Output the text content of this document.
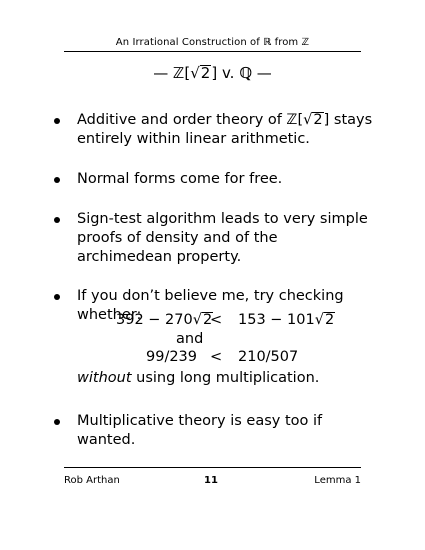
An Irrational Construction of ℝ from ℤ
— ℤ[√2] v. ℚ —
Additive and order theory of ℤ[√2] stays
entirely within linear arithmetic.
Normal forms come for free.
Sign-test algorithm leads to very simple proofs of density and of the archimedean property.
If you don’t believe me, try checking whether:
392 − 270√2
< 153 − 101√2
and
99/239 < 210/507
without using long multiplication.
Multiplicative theory is easy too if wanted.
Rob Arthan	11	Lemma 1
